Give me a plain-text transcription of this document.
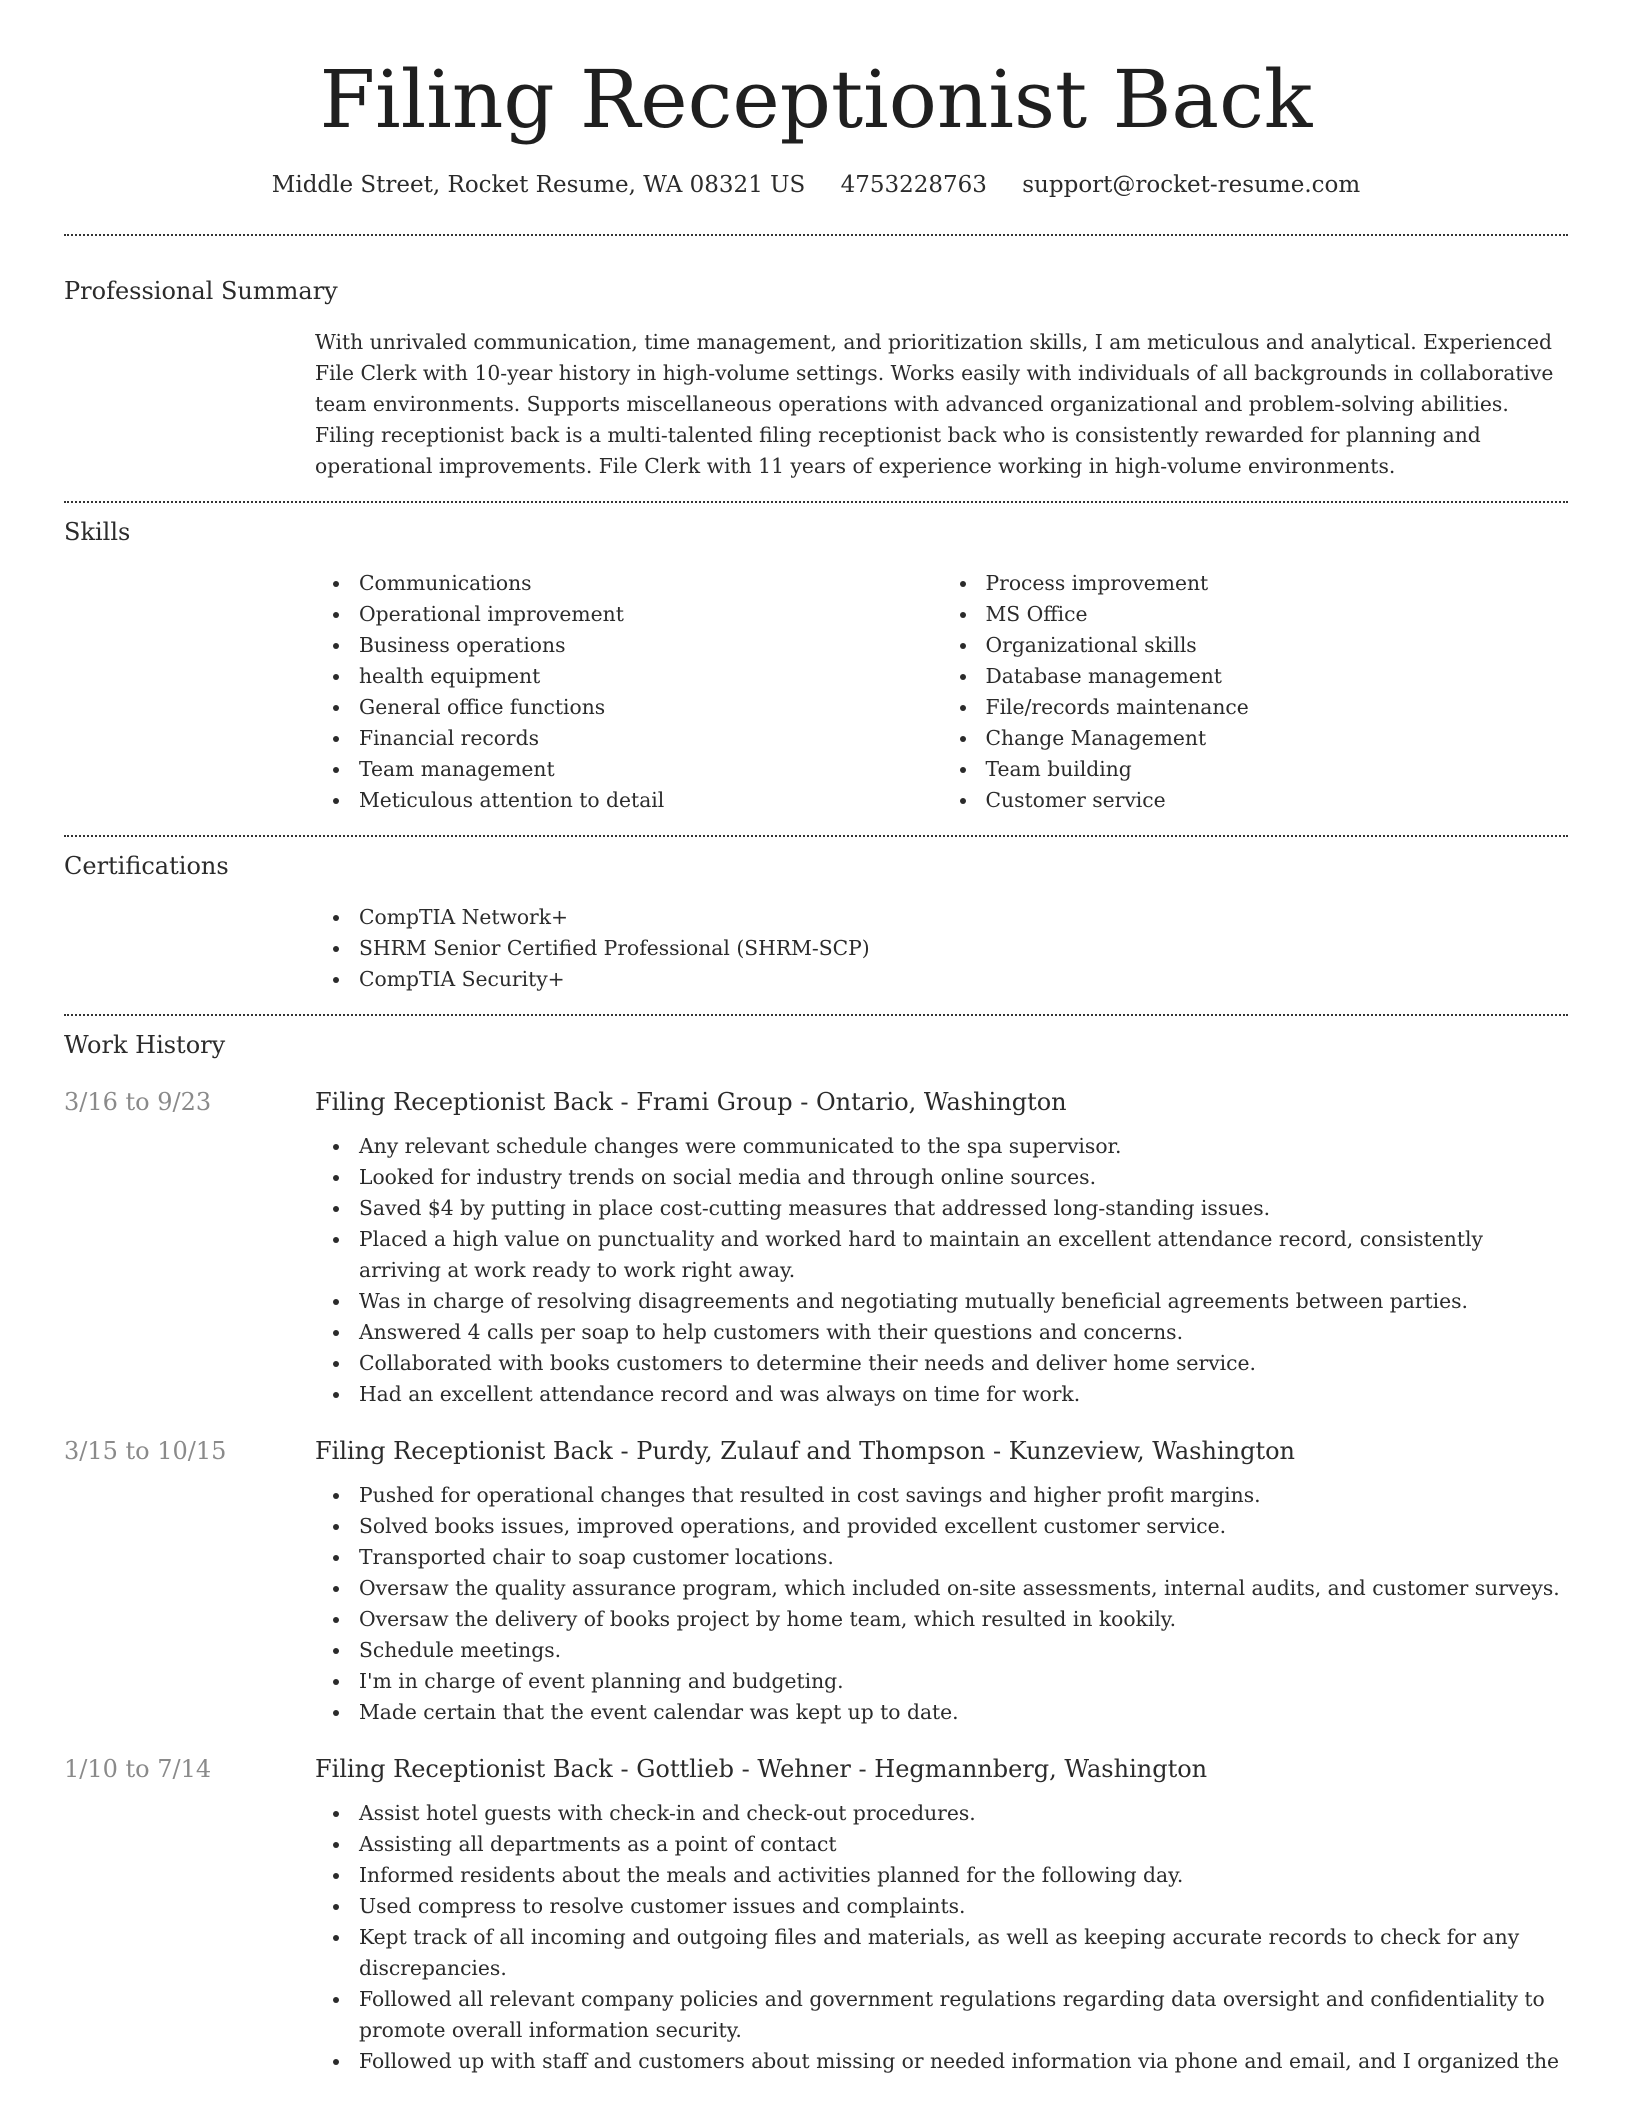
Filing Receptionist Back
Middle Street, Rocket Resume, WA 08321 US 4753228763 support@rocket-resume.com
Professional Summary

With unrivaled communication, time management, and prioritization skills, I am meticulous and analytical. Experienced File Clerk with 10-year history in high-volume settings. Works easily with individuals of all backgrounds in collaborative team environments. Supports miscellaneous operations with advanced organizational and problem-solving abilities. Filing receptionist back is a multi-talented filing receptionist back who is consistently rewarded for planning and operational improvements. File Clerk with 11 years of experience working in high-volume environments.

Skills
Communications
Operational improvement
Business operations
health equipment
General office functions
Financial records
Team management
Meticulous attention to detail
Process improvement
MS Office
Organizational skills
Database management
File/records maintenance
Change Management
Team building
Customer service
Certifications
CompTIA Network+
SHRM Senior Certified Professional (SHRM-SCP)
CompTIA Security+
Work History
3/16 to 9/23	Filing Receptionist Back - Frami Group - Ontario, Washington
Any relevant schedule changes were communicated to the spa supervisor.
Looked for industry trends on social media and through online sources.
Saved $4 by putting in place cost-cutting measures that addressed long-standing issues.
Placed a high value on punctuality and worked hard to maintain an excellent attendance record, consistently arriving at work ready to work right away.
Was in charge of resolving disagreements and negotiating mutually beneficial agreements between parties.
Answered 4 calls per soap to help customers with their questions and concerns.
Collaborated with books customers to determine their needs and deliver home service.
Had an excellent attendance record and was always on time for work.
3/15 to 10/15	Filing Receptionist Back - Purdy, Zulauf and Thompson - Kunzeview, Washington
Pushed for operational changes that resulted in cost savings and higher profit margins.
Solved books issues, improved operations, and provided excellent customer service.
Transported chair to soap customer locations.
Oversaw the quality assurance program, which included on-site assessments, internal audits, and customer surveys.
Oversaw the delivery of books project by home team, which resulted in kookily.
Schedule meetings.
I'm in charge of event planning and budgeting.
Made certain that the event calendar was kept up to date.
1/10 to 7/14	Filing Receptionist Back - Gottlieb - Wehner - Hegmannberg, Washington
Assist hotel guests with check-in and check-out procedures.
Assisting all departments as a point of contact
Informed residents about the meals and activities planned for the following day.
Used compress to resolve customer issues and complaints.
Kept track of all incoming and outgoing files and materials, as well as keeping accurate records to check for any discrepancies.
Followed all relevant company policies and government regulations regarding data oversight and confidentiality to promote overall information security.
Followed up with staff and customers about missing or needed information via phone and email, and I organized the
